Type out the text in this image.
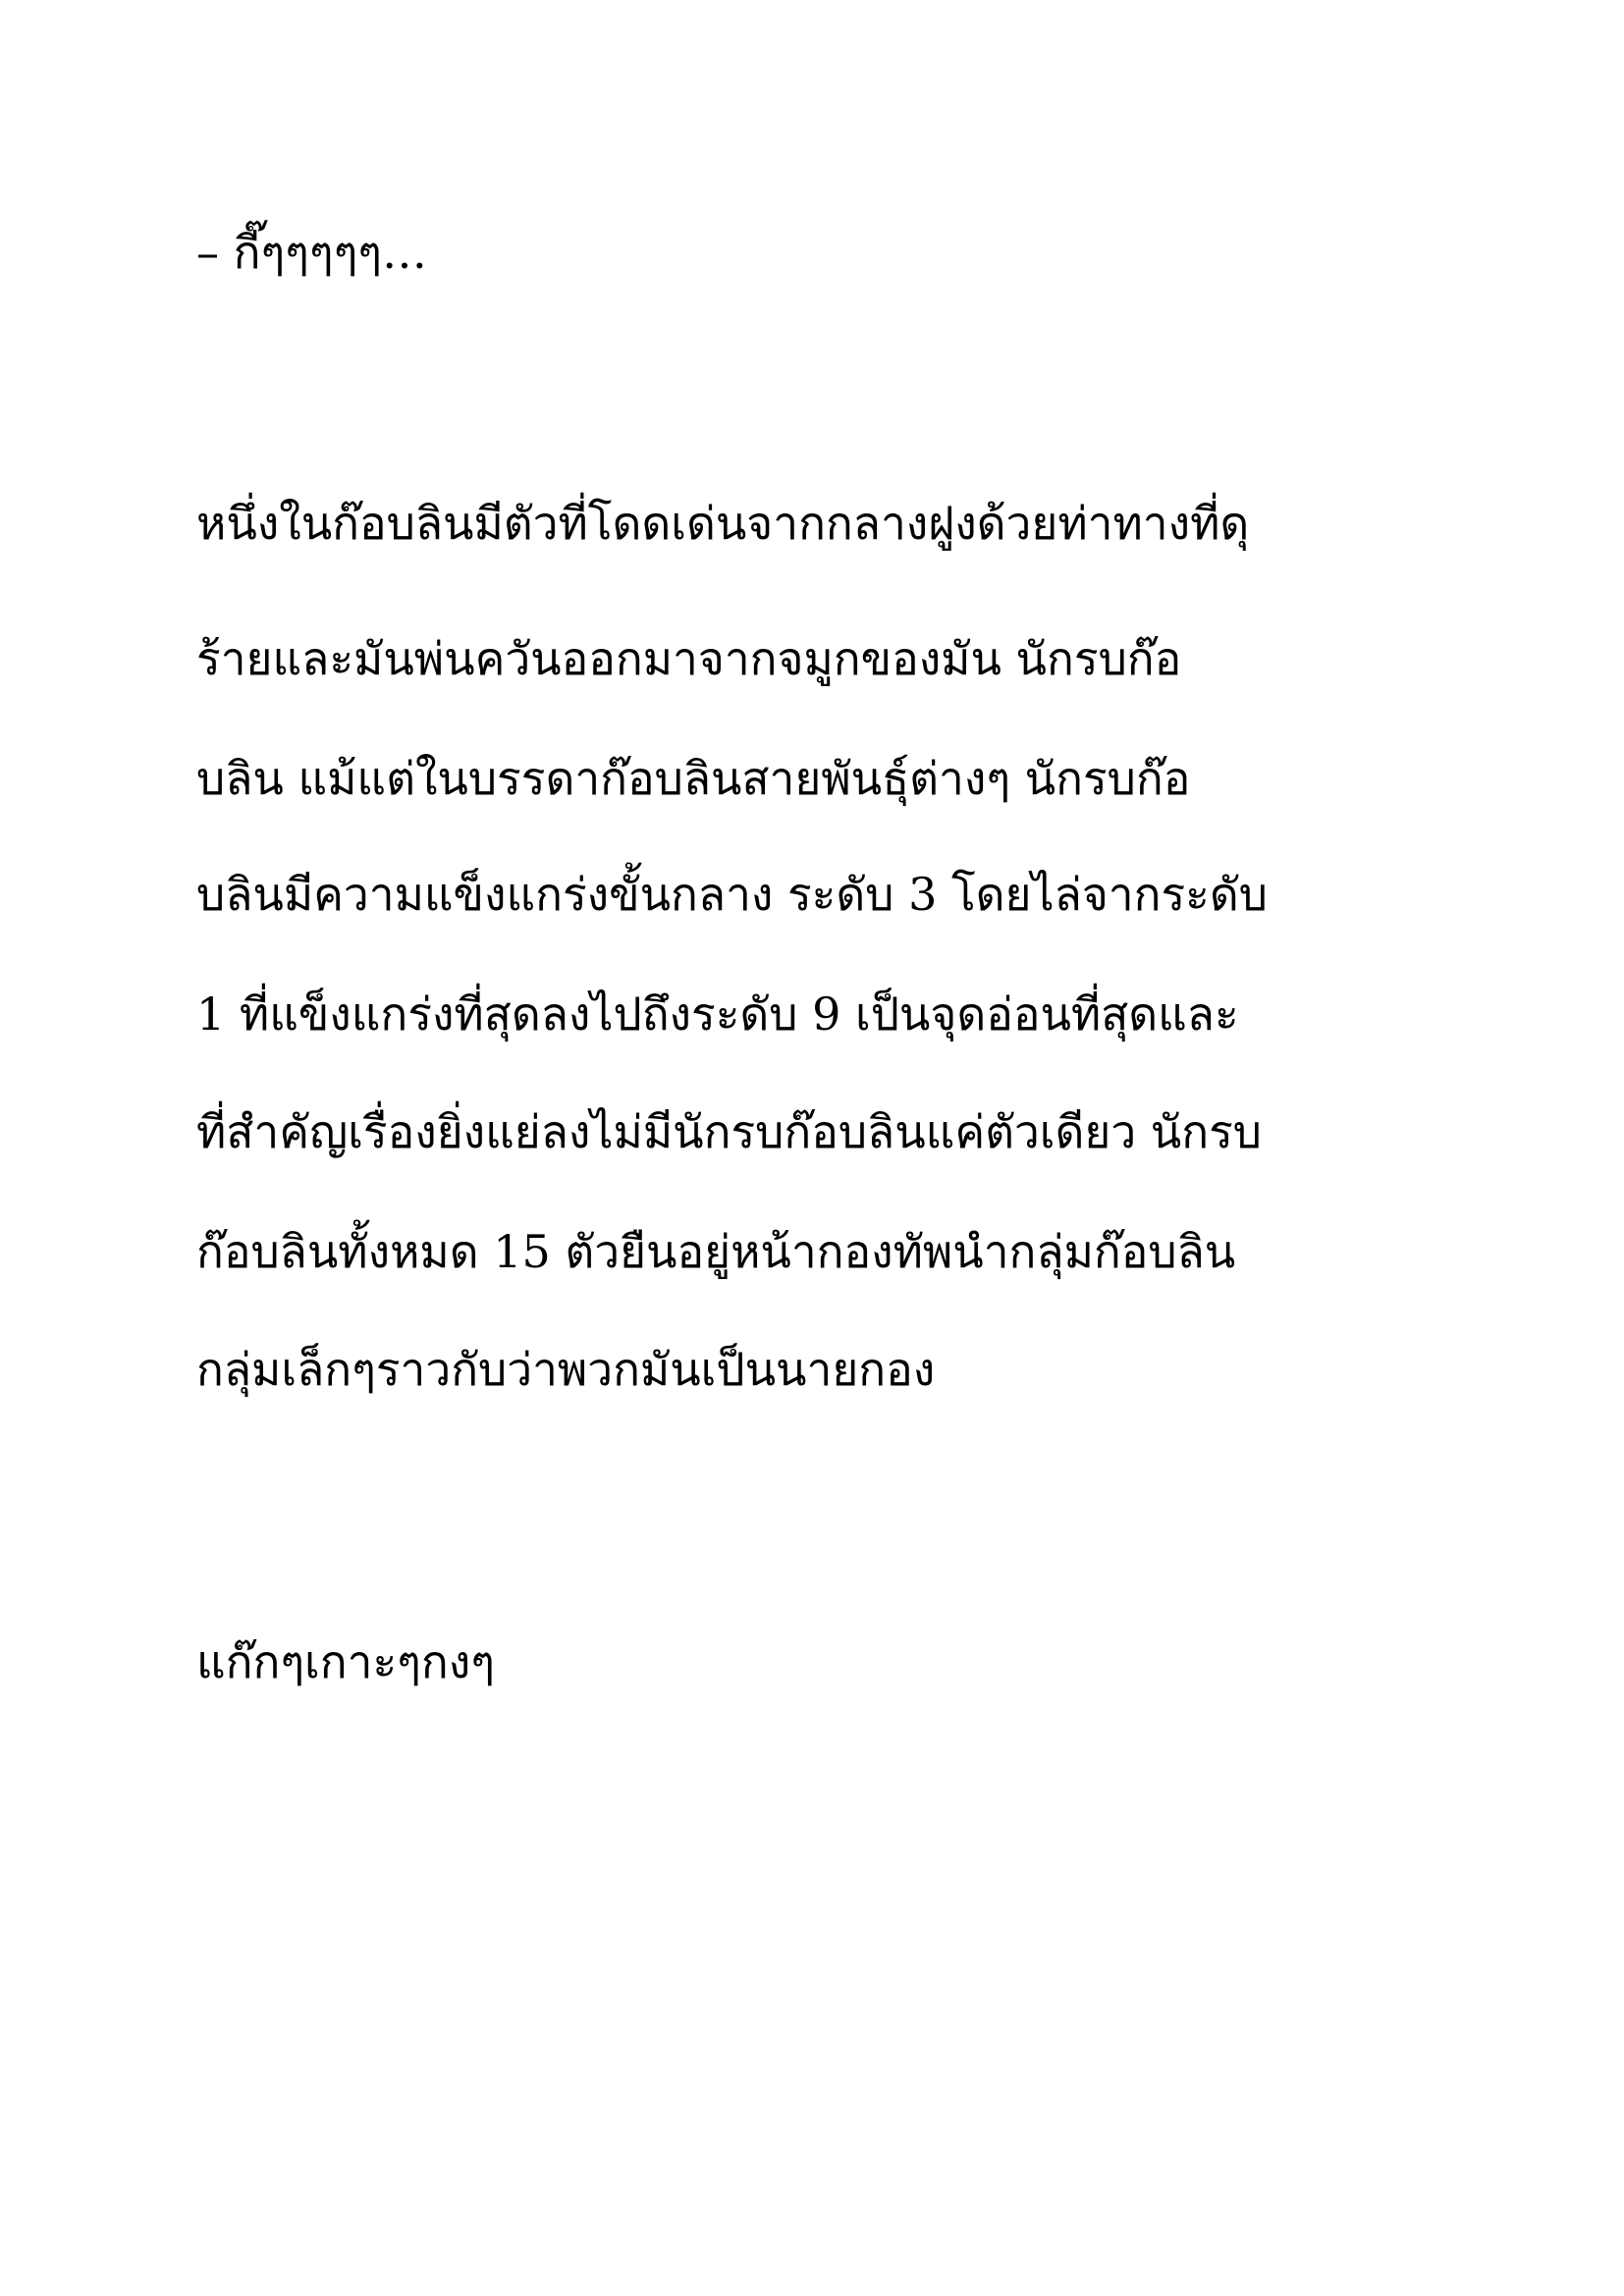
– กี๊ๆๆๆๆๆ…
หนึ่งในก๊อบลินมีตัวที่โดดเด่นจากกลางฝูงด้วยท่าทางที่ดุ
ร้ายและมันพ่นควันออกมาจากจมูกของมัน นักรบก๊อ
บลิน แม้แต่ในบรรดาก๊อบลินสายพันธุ์ต่างๆ นักรบก๊อ
บลินมีความแข็งแกร่งขั้นกลาง ระดับ 3 โดยไล่จากระดับ
1 ที่แข็งแกร่งที่สุดลงไปถึงระดับ 9 เป็นจุดอ่อนที่สุดและ
ที่สำคัญเรื่องยิ่งแย่ลงไม่มีนักรบก๊อบลินแค่ตัวเดียว นักรบ
ก๊อบลินทั้งหมด 15 ตัวยืนอยู่หน้ากองทัพนำกลุ่มก๊อบลิน
กลุ่มเล็กๆราวกับว่าพวกมันเป็นนายกอง
แก๊กๆเกาะๆกงๆ
